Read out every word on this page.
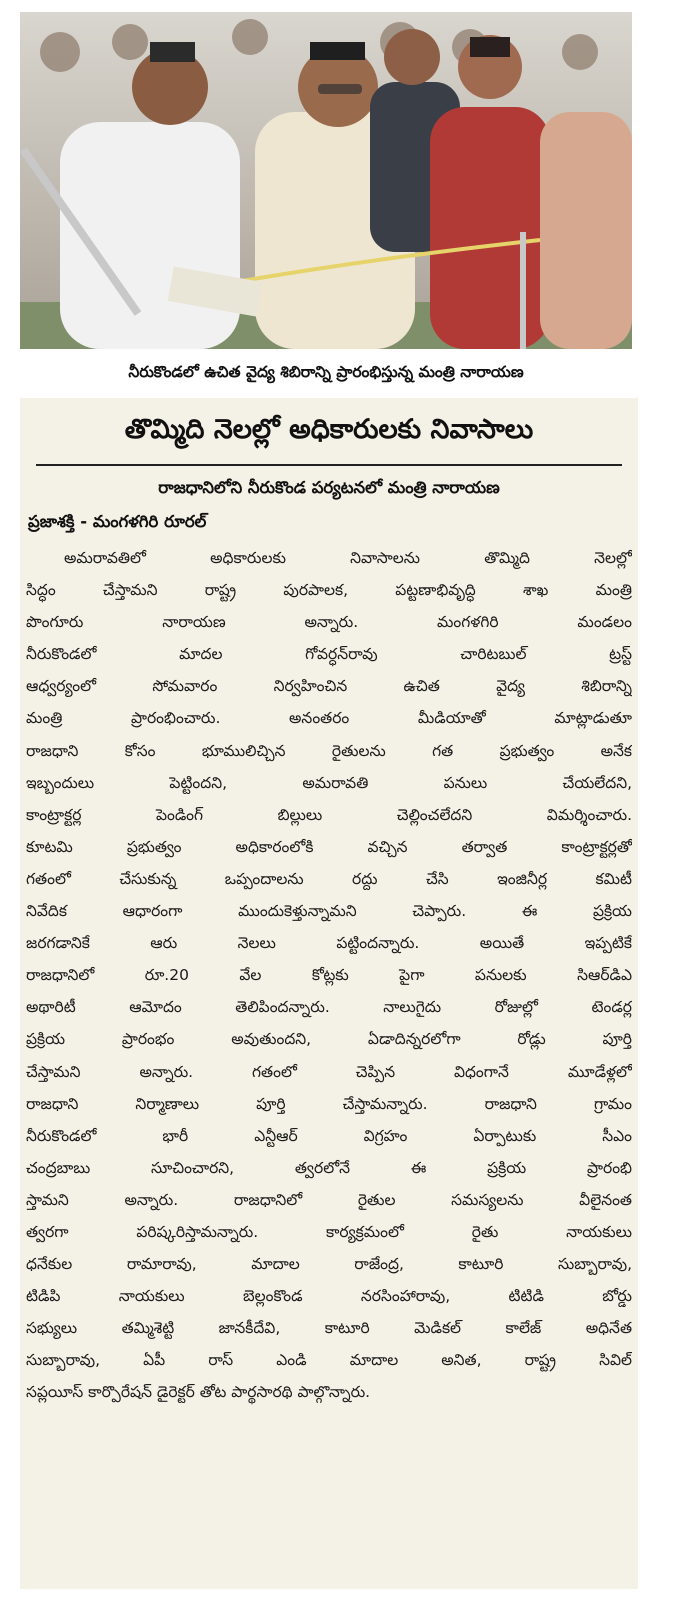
నీరుకొండలో ఉచిత వైద్య శిబిరాన్ని ప్రారంభిస్తున్న మంత్రి నారాయణ
తొమ్మిది నెలల్లో అధికారులకు నివాసాలు
రాజధానిలోని నీరుకొండ పర్యటనలో మంత్రి నారాయణ
ప్రజాశక్తి - మంగళగిరి రూరల్
అమరావతిలో అధికారులకు నివాసాలను తొమ్మిది నెలల్లో
సిద్ధం చేస్తామని రాష్ట్ర పురపాలక, పట్టణాభివృద్ధి శాఖ మంత్రి
పొంగూరు నారాయణ అన్నారు. మంగళగిరి మండలం
నీరుకొండలో మాదల గోవర్ధన్‌రావు చారిటబుల్ ట్రస్ట్
ఆధ్వర్యంలో సోమవారం నిర్వహించిన ఉచిత వైద్య శిబిరాన్ని
మంత్రి ప్రారంభించారు. అనంతరం మీడియాతో మాట్లాడుతూ
రాజధాని కోసం భూములిచ్చిన రైతులను గత ప్రభుత్వం అనేక
ఇబ్బందులు పెట్టిందని, అమరావతి పనులు చేయలేదని,
కాంట్రాక్టర్ల పెండింగ్ బిల్లులు చెల్లించలేదని విమర్శించారు.
కూటమి ప్రభుత్వం అధికారంలోకి వచ్చిన తర్వాత కాంట్రాక్టర్లతో
గతంలో చేసుకున్న ఒప్పందాలను రద్దు చేసి ఇంజినీర్ల కమిటీ
నివేదిక ఆధారంగా ముందుకెళ్తున్నామని చెప్పారు. ఈ ప్రక్రియ
జరగడానికే ఆరు నెలలు పట్టిందన్నారు. అయితే ఇప్పటికే
రాజధానిలో రూ.20 వేల కోట్లకు పైగా పనులకు సిఆర్‌డిఎ
అథారిటీ ఆమోదం తెలిపిందన్నారు. నాలుగైదు రోజుల్లో టెండర్ల
ప్రక్రియ ప్రారంభం అవుతుందని, ఏడాదిన్నరలోగా రోడ్లు పూర్తి
చేస్తామని అన్నారు. గతంలో చెప్పిన విధంగానే మూడేళ్లలో
రాజధాని నిర్మాణాలు పూర్తి చేస్తామన్నారు. రాజధాని గ్రామం
నీరుకొండలో భారీ ఎన్టీఆర్ విగ్రహం ఏర్పాటుకు సీఎం
చంద్రబాబు సూచించారని, త్వరలోనే ఈ ప్రక్రియ ప్రారంభి
స్తామని అన్నారు. రాజధానిలో రైతుల సమస్యలను వీలైనంత
త్వరగా పరిష్కరిస్తామన్నారు. కార్యక్రమంలో రైతు నాయకులు
ధనేకుల రామారావు, మాదాల రాజేంద్ర, కాటూరి సుబ్బారావు,
టిడిపి నాయకులు బెల్లంకొండ నరసింహారావు, టిటిడి బోర్డు
సభ్యులు తమ్మిశెట్టి జానకీదేవి, కాటూరి మెడికల్ కాలేజ్ అధినేత
సుబ్బారావు, ఏపీ రాస్ ఎండి మాదాల అనిత, రాష్ట్ర సివిల్
సప్లయీస్ కార్పొరేషన్ డైరెక్టర్ తోట పార్థసారథి పాల్గొన్నారు.
